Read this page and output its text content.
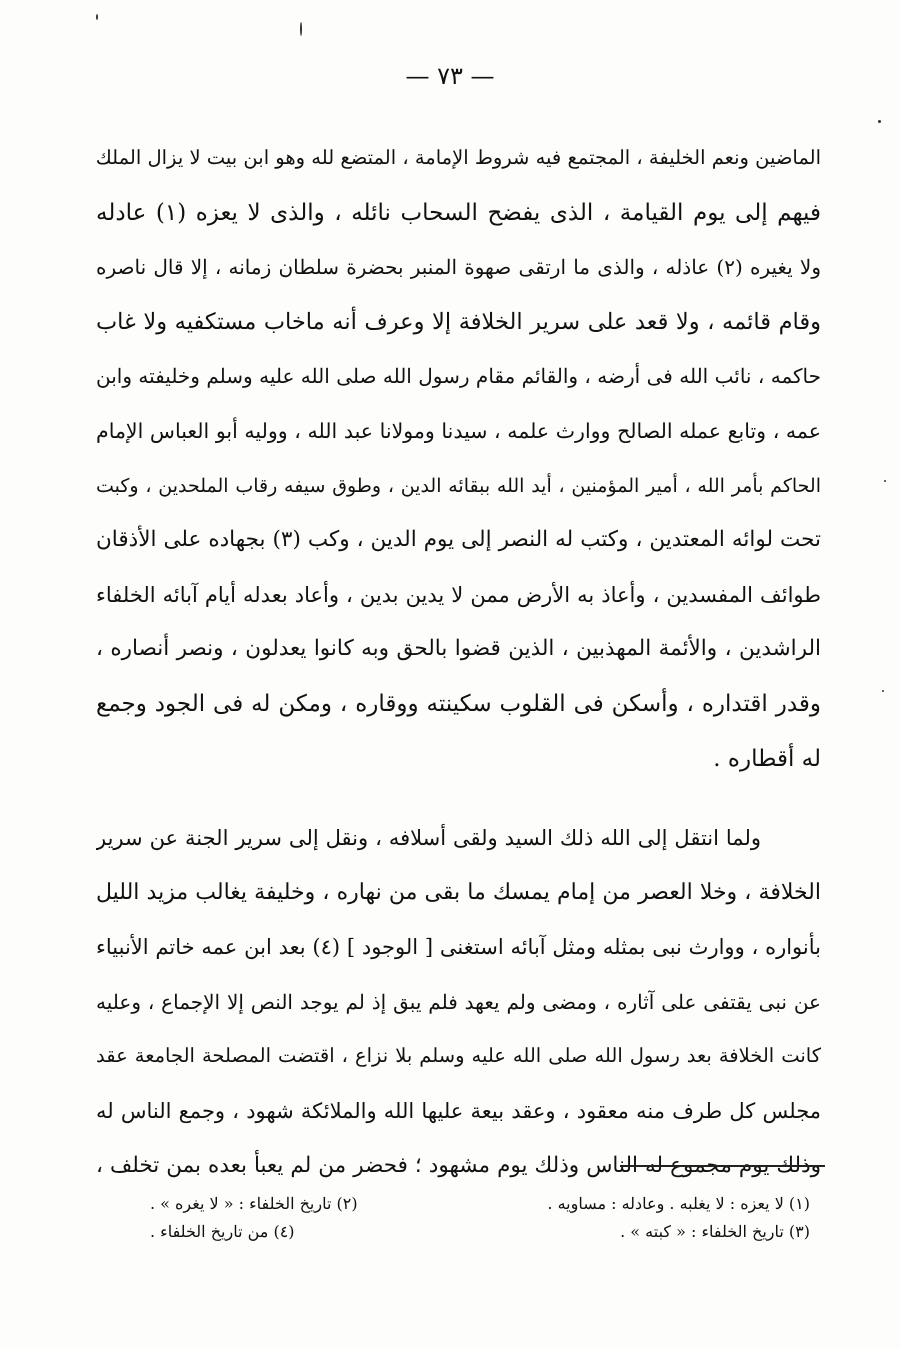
— ٧٣ —
الماضين ونعم الخليفة ، المجتمع فيه شروط الإمامة ، المتضع لله وهو ابن بيت لا يزال الملك
فيهم إلى يوم القيامة ، الذى يفضح السحاب نائله ، والذى لا يعزه (١) عادله
ولا يغيره (٢) عاذله ، والذى ما ارتقى صهوة المنبر بحضرة سلطان زمانه ، إلا قال ناصره
وقام قائمه ، ولا قعد على سرير الخلافة إلا وعرف أنه ماخاب مستكفيه ولا غاب
حاكمه ، نائب الله فى أرضه ، والقائم مقام رسول الله صلى الله عليه وسلم وخليفته وابن
عمه ، وتابع عمله الصالح ووارث علمه ، سيدنا ومولانا عبد الله ، ووليه أبو العباس الإمام
الحاكم بأمر الله ، أمير المؤمنين ، أيد الله ببقائه الدين ، وطوق سيفه رقاب الملحدين ، وكبت
تحت لوائه المعتدين ، وكتب له النصر إلى يوم الدين ، وكب (٣) بجهاده على الأذقان
طوائف المفسدين ، وأعاذ به الأرض ممن لا يدين بدين ، وأعاد بعدله أيام آبائه الخلفاء
الراشدين ، والأئمة المهذبين ، الذين قضوا بالحق وبه كانوا يعدلون ، ونصر أنصاره ،
وقدر اقتداره ، وأسكن فى القلوب سكينته ووقاره ، ومكن له فى الجود وجمع
له أقطاره .
ولما انتقل إلى الله ذلك السيد ولقى أسلافه ، ونقل إلى سرير الجنة عن سرير
الخلافة ، وخلا العصر من إمام يمسك ما بقى من نهاره ، وخليفة يغالب مزيد الليل
بأنواره ، ووارث نبى بمثله ومثل آبائه استغنى [ الوجود ] (٤) بعد ابن عمه خاتم الأنبياء
عن نبى يقتفى على آثاره ، ومضى ولم يعهد فلم يبق إذ لم يوجد النص إلا الإجماع ، وعليه
كانت الخلافة بعد رسول الله صلى الله عليه وسلم بلا نزاع ، اقتضت المصلحة الجامعة عقد
مجلس كل طرف منه معقود ، وعقد بيعة عليها الله والملائكة شهود ، وجمع الناس له
وذلك يوم مجموع له الناس وذلك يوم مشهود ؛ فحضر من لم يعبأ بعده بمن تخلف ،
(١) لا يعزه : لا يغلبه . وعادله : مساويه .
(٢) تاريخ الخلفاء : « لا يغره » .
(٣) تاريخ الخلفاء : « كبته » .
(٤) من تاريخ الخلفاء .
